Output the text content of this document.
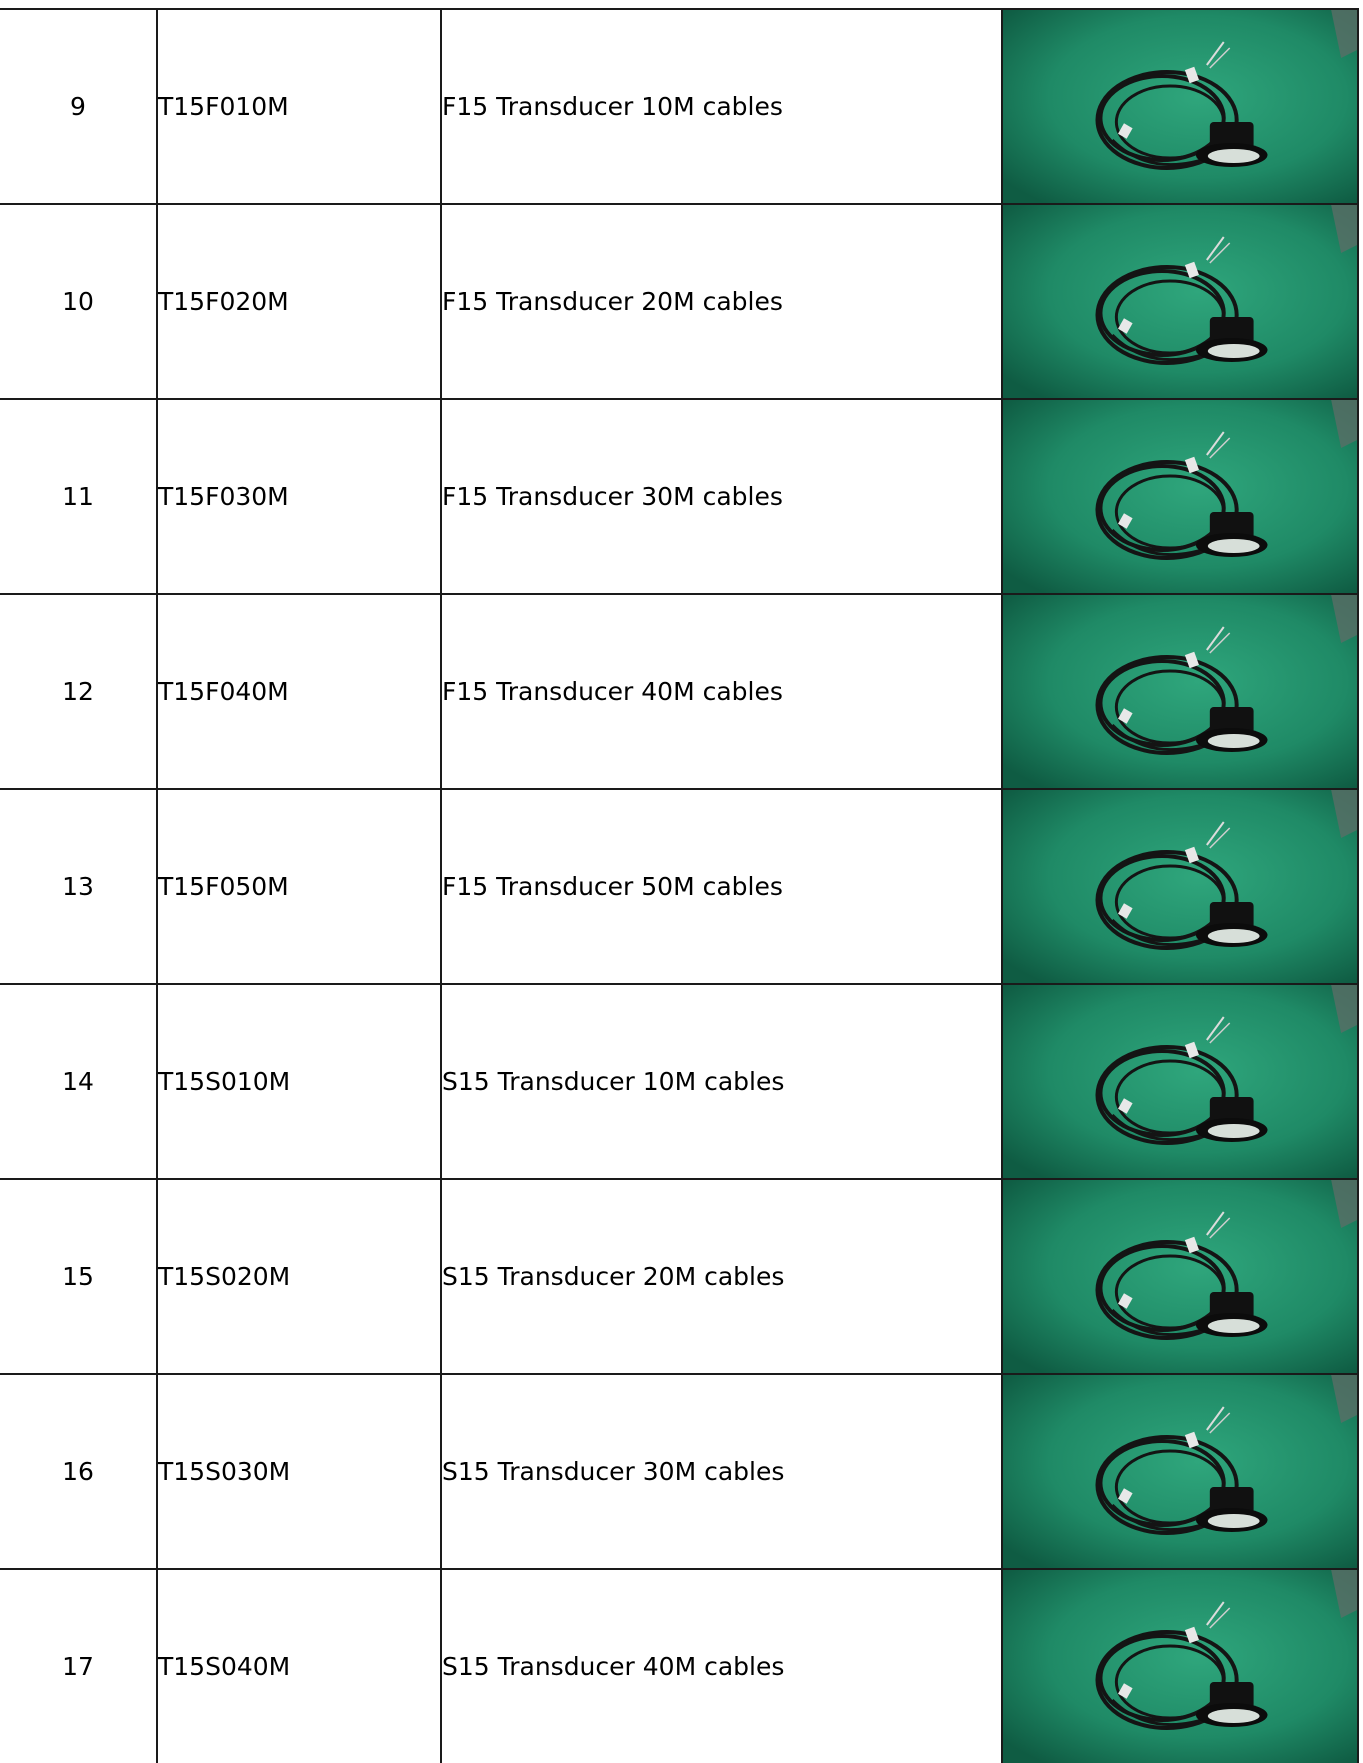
9	T15F010M	F15 Transducer 10M cables	

10	T15F020M	F15 Transducer 20M cables	

11	T15F030M	F15 Transducer 30M cables	

12	T15F040M	F15 Transducer 40M cables	

13	T15F050M	F15 Transducer 50M cables	

14	T15S010M	S15 Transducer 10M cables	

15	T15S020M	S15 Transducer 20M cables	

16	T15S030M	S15 Transducer 30M cables	

17	T15S040M	S15 Transducer 40M cables	
